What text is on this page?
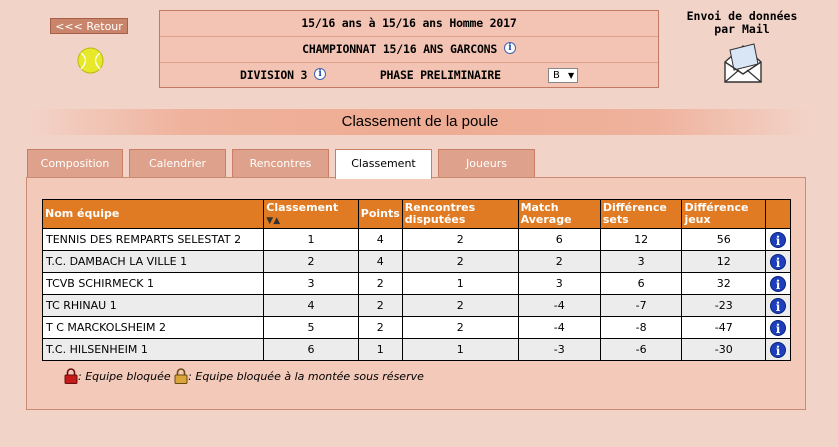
<<< Retour	15/16 ans à 15/16 ans Homme 2017
CHAMPIONNAT 15/16 ANS GARCONS i
DIVISION 3 i	PHASE PRELIMINAIRE	B ▼
Envoi de données
par Mail
Classement de la poule
Composition	Calendrier	Rencontres	Classement	Joueurs
Nom équipe	Classement ▼▲	Points	Rencontres disputées	Match Average	Différence sets	Différence jeux	
TENNIS DES REMPARTS SELESTAT 2	1	4	2	6	12	56	i
T.C. DAMBACH LA VILLE 1	2	4	2	2	3	12	i
TCVB SCHIRMECK 1	3	2	1	3	6	32	i
TC RHINAU 1	4	2	2	-4	-7	-23	i
T C MARCKOLSHEIM 2	5	2	2	-4	-8	-47	i
T.C. HILSENHEIM 1	6	1	1	-3	-6	-30	i
: Equipe bloquée
: Equipe bloquée à la montée sous réserve
